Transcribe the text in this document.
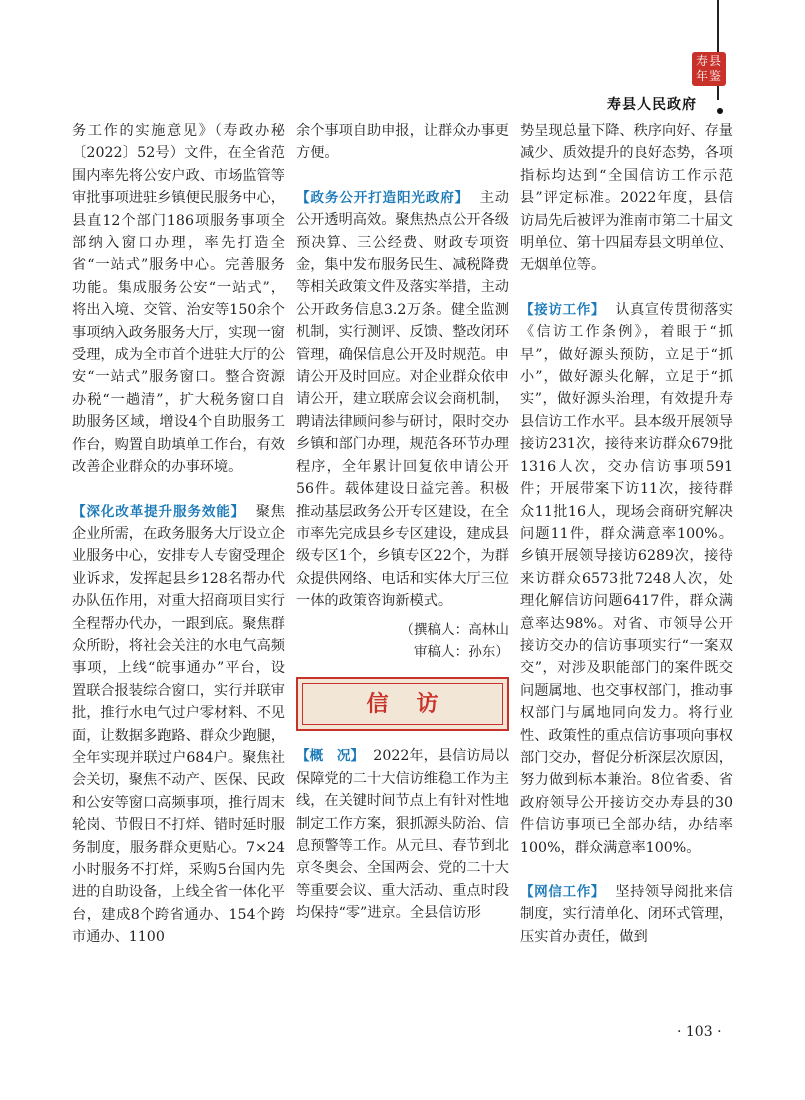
寿县
年鉴
寿县人民政府

务工作的实施意见》（寿政办秘〔2022〕52号）文件，在全省范围内率先将公安户政、市场监管等审批事项进驻乡镇便民服务中心，县直12个部门186项服务事项全部纳入窗口办理，率先打造全省“一站式”服务中心。完善服务功能。集成服务公安“一站式”，将出入境、交管、治安等150余个事项纳入政务服务大厅，实现一窗受理，成为全市首个进驻大厅的公安“一站式”服务窗口。整合资源办税“一趟清”，扩大税务窗口自助服务区域，增设4个自助服务工作台，购置自助填单工作台，有效改善企业群众的办事环境。

【深化改革提升服务效能】 聚焦企业所需，在政务服务大厅设立企业服务中心，安排专人专窗受理企业诉求，发挥起县乡128名帮办代办队伍作用，对重大招商项目实行全程帮办代办，一跟到底。聚焦群众所盼，将社会关注的水电气高频事项，上线“皖事通办”平台，设置联合报装综合窗口，实行并联审批，推行水电气过户零材料、不见面，让数据多跑路、群众少跑腿，全年实现并联过户684户。聚焦社会关切，聚焦不动产、医保、民政和公安等窗口高频事项，推行周末轮岗、节假日不打烊、错时延时服务制度，服务群众更贴心。7×24小时服务不打烊，采购5台国内先进的自助设备，上线全省一体化平台，建成8个跨省通办、154个跨市通办、1100

余个事项自助申报，让群众办事更方便。

【政务公开打造阳光政府】 主动公开透明高效。聚焦热点公开各级预决算、三公经费、财政专项资金，集中发布服务民生、减税降费等相关政策文件及落实举措，主动公开政务信息3.2万条。健全监测机制，实行测评、反馈、整改闭环管理，确保信息公开及时规范。申请公开及时回应。对企业群众依申请公开，建立联席会议会商机制，聘请法律顾问参与研讨，限时交办乡镇和部门办理，规范各环节办理程序，全年累计回复依申请公开56件。载体建设日益完善。积极推动基层政务公开专区建设，在全市率先完成县乡专区建设，建成县级专区1个，乡镇专区22个，为群众提供网络、电话和实体大厅三位一体的政策咨询新模式。

（撰稿人：高林山
审稿人：孙东）
信访

【概　况】 2022年，县信访局以保障党的二十大信访维稳工作为主线，在关键时间节点上有针对性地制定工作方案，狠抓源头防治、信息预警等工作。从元旦、春节到北京冬奥会、全国两会、党的二十大等重要会议、重大活动、重点时段均保持“零”进京。全县信访形

势呈现总量下降、秩序向好、存量减少、质效提升的良好态势，各项指标均达到“全国信访工作示范县”评定标准。2022年度，县信访局先后被评为淮南市第二十届文明单位、第十四届寿县文明单位、无烟单位等。

【接访工作】 认真宣传贯彻落实《信访工作条例》，着眼于“抓早”，做好源头预防，立足于“抓小”，做好源头化解，立足于“抓实”，做好源头治理，有效提升寿县信访工作水平。县本级开展领导接访231次，接待来访群众679批1316人次，交办信访事项591件；开展带案下访11次，接待群众11批16人，现场会商研究解决问题11件，群众满意率100%。乡镇开展领导接访6289次，接待来访群众6573批7248人次，处理化解信访问题6417件，群众满意率达98%。对省、市领导公开接访交办的信访事项实行“一案双交”，对涉及职能部门的案件既交问题属地、也交事权部门，推动事权部门与属地同向发力。将行业性、政策性的重点信访事项向事权部门交办，督促分析深层次原因，努力做到标本兼治。8位省委、省政府领导公开接访交办寿县的30件信访事项已全部办结，办结率100%，群众满意率100%。

【网信工作】 坚持领导阅批来信制度，实行清单化、闭环式管理，压实首办责任，做到

· 103 ·
